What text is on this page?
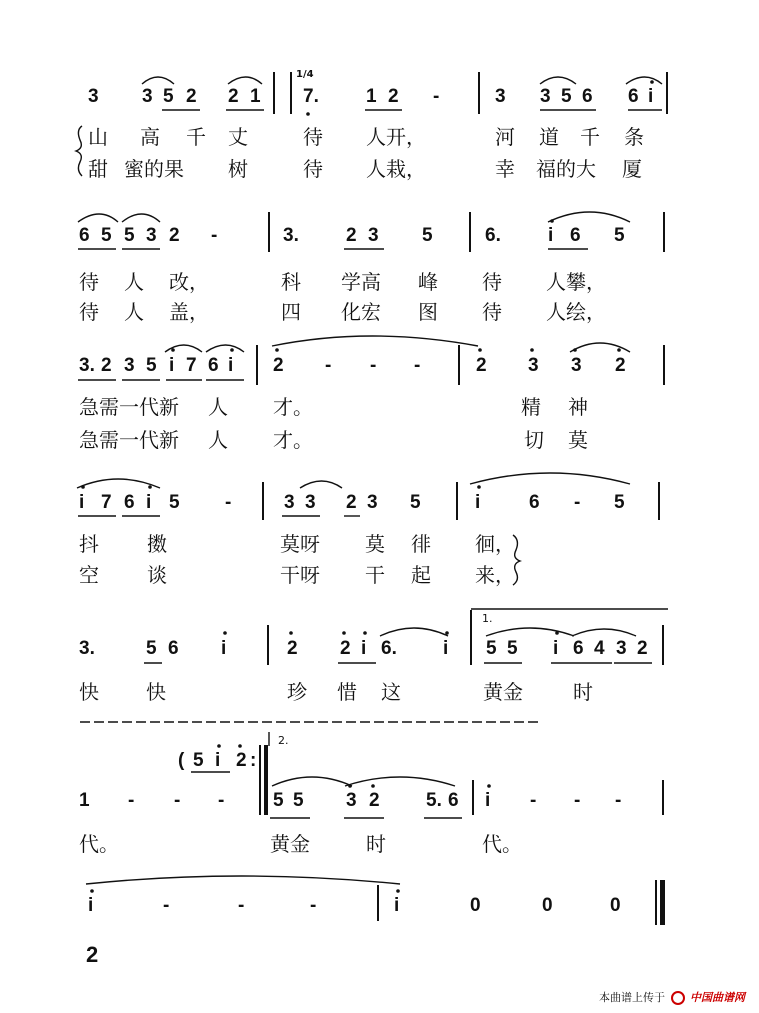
3 3 5 2 2 1 7. 1 2 -	3 3 5 6 6 i
1/4
山 高 千 丈	待 人开，	河 道 千 条
甜 蜜的果 树	待 人栽，	幸 福的大 厦
6 5 5 3 2 -	3. 2 3 5	6. i 6 5
待 人 改，	科 学高 峰 待 人攀，
待 人 盖，	四 化宏 图 待 人绘，
3. 2 3 5 i 7 6 i 2 - - -	2 3 3 2
急需一代新 人 才。	精 神
急需一代新 人 才。	切 莫
i 7 6 i 5 -	3 3 2 3 5	i	6 - 5
抖 擞	莫呀 莫 徘 徊，
空 谈	干呀 干 起 来，
3.	5 6 i	2 2 i 6. i 5 5 i 6 4 3 2
1.
快 快	珍 惜 这	黄金	时
( 5 i 2 :
2.
1 - - -	5 5 3 2 5. 6 i - - -
代。	黄金	时	代。
i	-	-	-	i	0	0	0
2
本曲谱上传于 中国曲谱网
